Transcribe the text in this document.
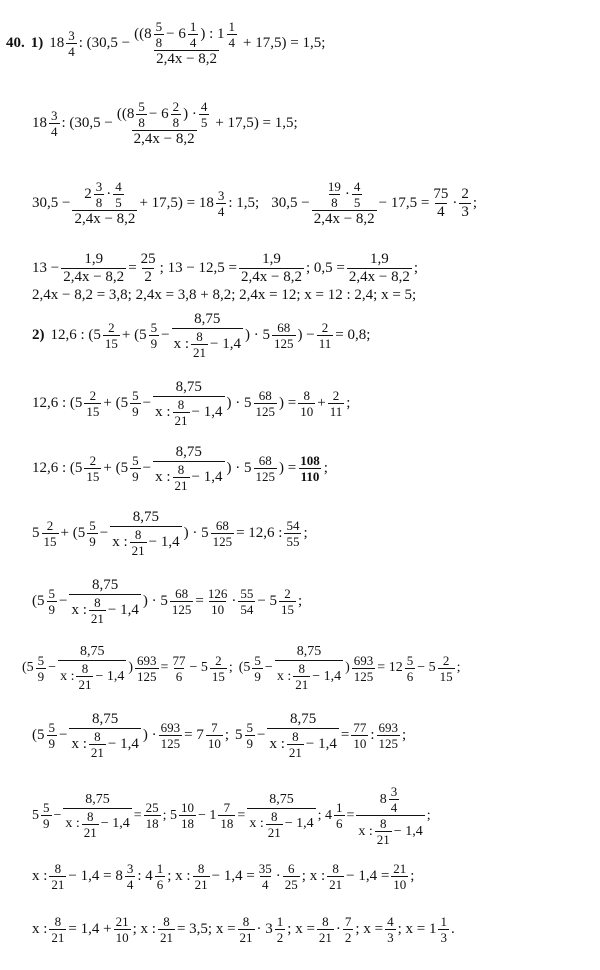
40. 1) $18 \frac{3}{4}$ : ($30,5 - \frac{(( 8 \frac{5}{8} - 6 \frac{1}{4} ) : 1 \frac{1}{4}}{2,4x - 8,2} + 17,5$ ) = 1,5;
$18 \frac{3}{4}$ : ($30,5 - \frac{(( 8 \frac{5}{8} - 6 \frac{2}{8} ) \cdot \frac{4}{5}}{2,4x - 8,2} + 17,5$ ) = 1,5;
$30,5 - \frac{2 \frac{3}{8} \cdot \frac{4}{5}}{2,4x - 8,2} + 17,5$ ) = $18 \frac{3}{4}$ : 1,5; $30,5 - \frac{\frac{19}{8} \cdot \frac{4}{5}}{2,4x - 8,2} - 17,5 = \frac{75}{4} \cdot \frac{2}{3}$ ;
$13 - \frac{1,9}{2,4x - 8,2} = \frac{25}{2}$ ; $13 - 12,5 = \frac{1,9}{2,4x - 8,2}$ ; $0,5 = \frac{1,9}{2,4x - 8,2}$ ;
2,4x − 8,2 = 3,8; 2,4x = 3,8 + 8,2; 2,4x = 12; x = 12 : 2,4; x = 5;
2) 12,6 : ($5 \frac{2}{15} + (5 \frac{5}{9} - \frac{8,75}{x : \frac{8}{21} - 1,4}$ ) · $5 \frac{68}{125}$ ) − $\frac{2}{11} = 0,8$;
12,6 : ($5 \frac{2}{15} + (5 \frac{5}{9} - \frac{8,75}{x : \frac{8}{21} - 1,4}$ ) · $5 \frac{68}{125}$ ) = $\frac{8}{10} + \frac{2}{11}$ ;
12,6 : ($5 \frac{2}{15} + (5 \frac{5}{9} - \frac{8,75}{x : \frac{8}{21} - 1,4}$ ) · $5 \frac{68}{125}$ ) = $\frac{108}{110}$ ;
$5 \frac{2}{15} + (5 \frac{5}{9} - \frac{8,75}{x : \frac{8}{21} - 1,4}$ ) · $5 \frac{68}{125} = 12,6$ : $\frac{54}{55}$ ;
($5 \frac{5}{9} - \frac{8,75}{x : \frac{8}{21} - 1,4}$ ) · $5 \frac{68}{125} = \frac{126}{10} \cdot \frac{55}{54} - 5 \frac{2}{15}$ ;
($5 \frac{5}{9} - \frac{8,75}{x : \frac{8}{21} - 1,4}$ ) $\frac{693}{125} = \frac{77}{6} - 5 \frac{2}{15}$ ; ($5 \frac{5}{9} - \frac{8,75}{x : \frac{8}{21} - 1,4}$ ) $\frac{693}{125} = 12 \frac{5}{6} - 5 \frac{2}{15}$ ;
($5 \frac{5}{9} - \frac{8,75}{x : \frac{8}{21} - 1,4}$ ) · $\frac{693}{125} = 7 \frac{7}{10}$ ; $5 \frac{5}{9} - \frac{8,75}{x : \frac{8}{21} - 1,4} = \frac{77}{10}$ : $\frac{693}{125}$ ;
$5 \frac{5}{9} - \frac{8,75}{x : \frac{8}{21} - 1,4} = \frac{25}{18}$ ; $5 \frac{10}{18} - 1 \frac{7}{18} = \frac{8,75}{x : \frac{8}{21} - 1,4}$ ; $4 \frac{1}{6} = \frac{8 \frac{3}{4}}{x : \frac{8}{21} - 1,4}$ ;
x : $\frac{8}{21} - 1,4 = 8 \frac{3}{4}$ : $4 \frac{1}{6}$ ; x : $\frac{8}{21} - 1,4 = \frac{35}{4} \cdot \frac{6}{25}$ ; x : $\frac{8}{21} - 1,4 = \frac{21}{10}$ ;
x : $\frac{8}{21} = 1,4 + \frac{21}{10}$ ; x : $\frac{8}{21} = 3,5$; $x = \frac{8}{21} \cdot 3 \frac{1}{2}$ ; $x = \frac{8}{21} \cdot \frac{7}{2}$ ; $x = \frac{4}{3}$ ; $x = 1 \frac{1}{3}$ .
